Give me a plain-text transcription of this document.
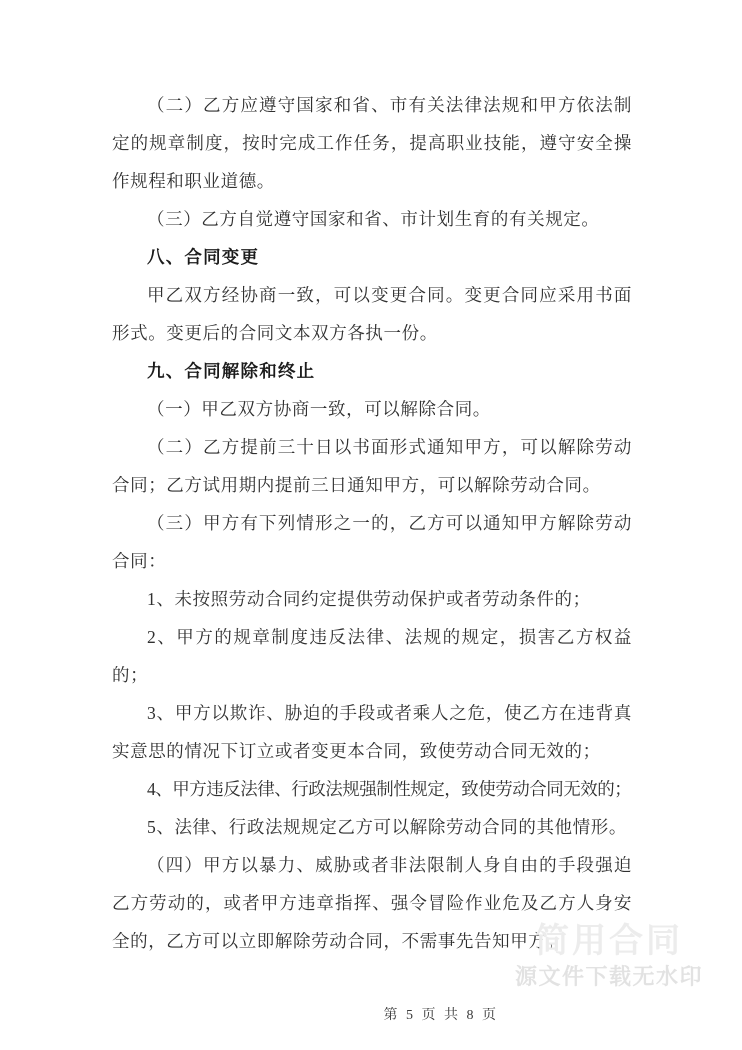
（二）乙方应遵守国家和省、市有关法律法规和甲方依法制定的规章制度，按时完成工作任务，提高职业技能，遵守安全操作规程和职业道德。

（三）乙方自觉遵守国家和省、市计划生育的有关规定。

八、合同变更

甲乙双方经协商一致，可以变更合同。变更合同应采用书面形式。变更后的合同文本双方各执一份。

九、合同解除和终止

（一）甲乙双方协商一致，可以解除合同。

（二）乙方提前三十日以书面形式通知甲方，可以解除劳动合同；乙方试用期内提前三日通知甲方，可以解除劳动合同。

（三）甲方有下列情形之一的，乙方可以通知甲方解除劳动合同：

1、未按照劳动合同约定提供劳动保护或者劳动条件的；

2、甲方的规章制度违反法律、法规的规定，损害乙方权益的；

3、甲方以欺诈、胁迫的手段或者乘人之危，使乙方在违背真实意思的情况下订立或者变更本合同，致使劳动合同无效的；

4、甲方违反法律、行政法规强制性规定，致使劳动合同无效的；

5、法律、行政法规规定乙方可以解除劳动合同的其他情形。

（四）甲方以暴力、威胁或者非法限制人身自由的手段强迫乙方劳动的，或者甲方违章指挥、强令冒险作业危及乙方人身安全的，乙方可以立即解除劳动合同，不需事先告知甲方。

简用合同
源文件下载无水印
第 5 页 共 8 页
